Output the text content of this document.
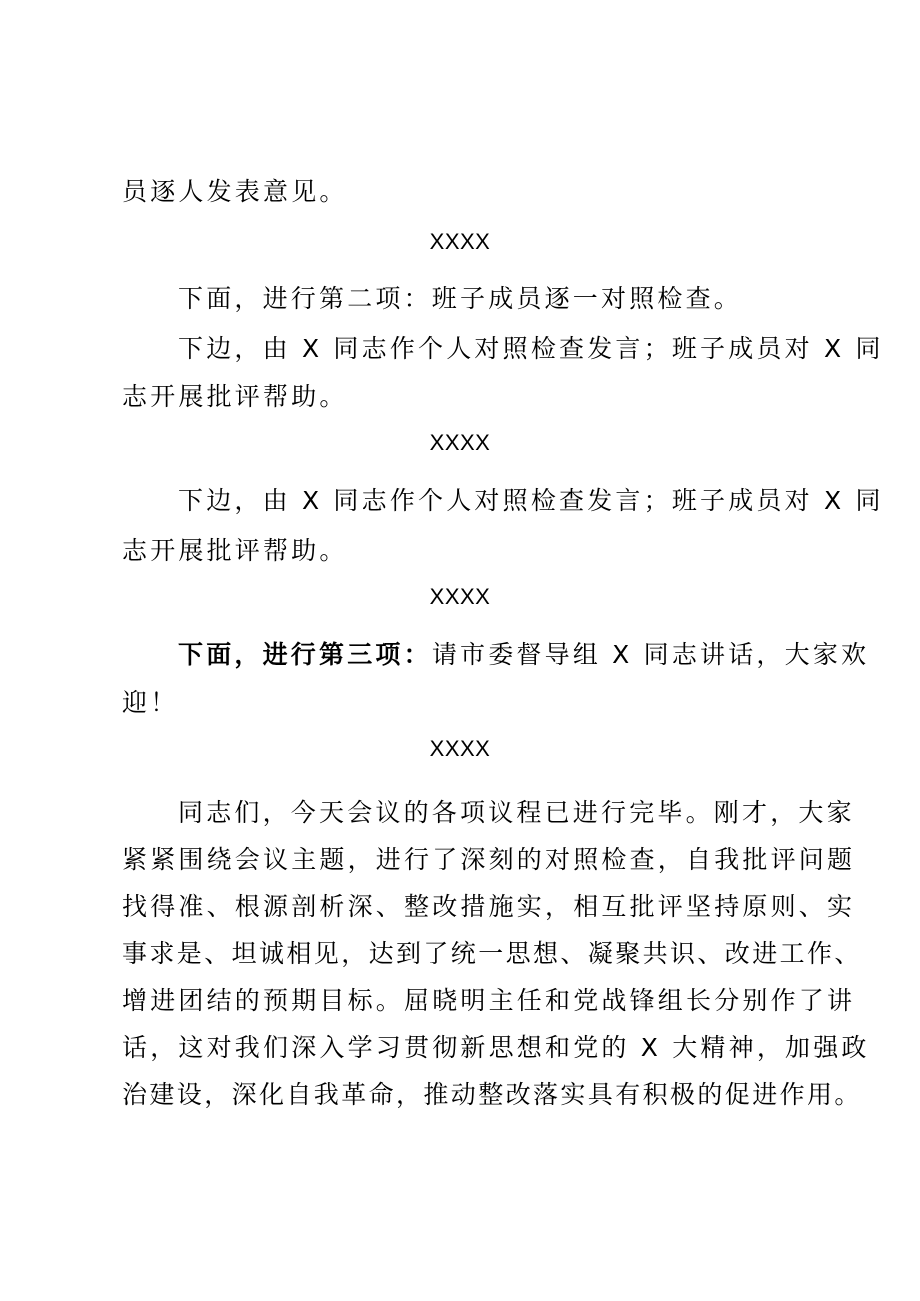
员逐人发表意见。
XXXX
下面，进行第二项：班子成员逐一对照检查。
下边，由 X 同志作个人对照检查发言；班子成员对 X 同
志开展批评帮助。
XXXX
下边，由 X 同志作个人对照检查发言；班子成员对 X 同
志开展批评帮助。
XXXX
下面，进行第三项：请市委督导组 X 同志讲话，大家欢
迎！
XXXX
同志们，今天会议的各项议程已进行完毕。刚才，大家
紧紧围绕会议主题，进行了深刻的对照检查，自我批评问题
找得准、根源剖析深、整改措施实，相互批评坚持原则、实
事求是、坦诚相见，达到了统一思想、凝聚共识、改进工作、
增进团结的预期目标。屈晓明主任和党战锋组长分别作了讲
话，这对我们深入学习贯彻新思想和党的 X 大精神，加强政
治建设，深化自我革命，推动整改落实具有积极的促进作用。
